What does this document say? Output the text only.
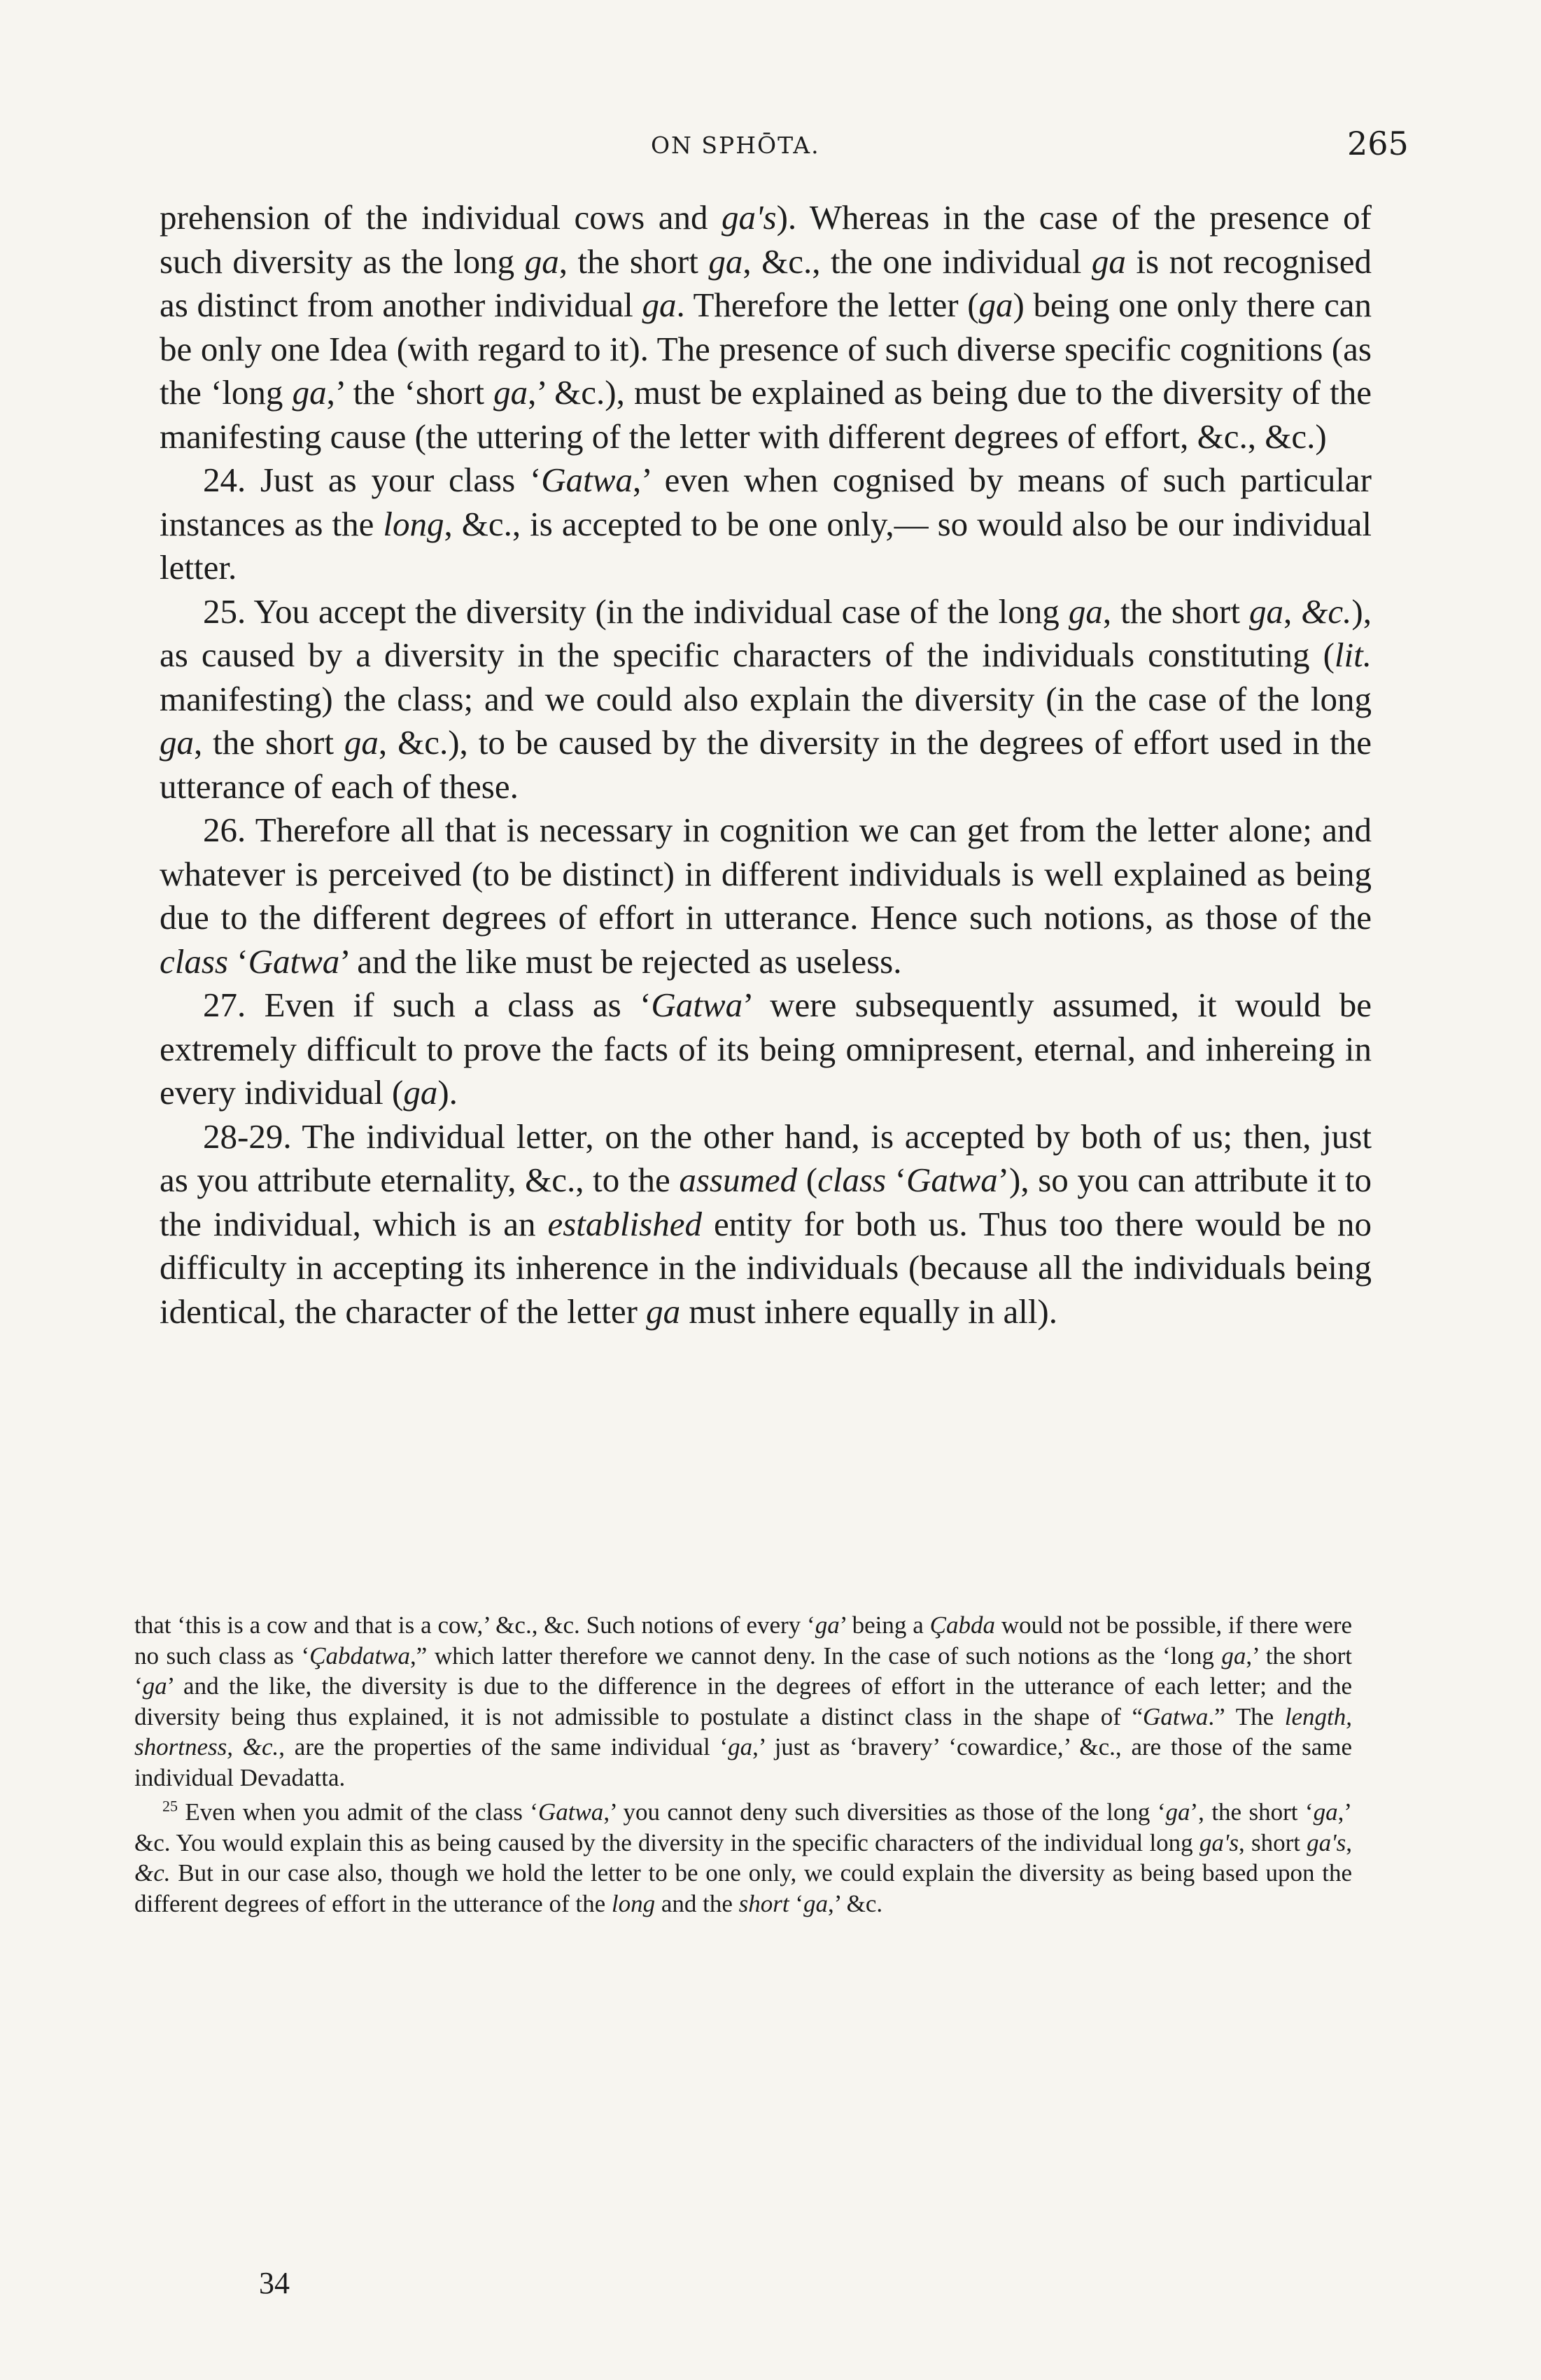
ON SPHŌTA.	265

prehension of the individual cows and ga's). Whereas in the case of the presence of such diversity as the long ga, the short ga, &c., the one individual ga is not recognised as distinct from another individual ga. Therefore the letter (ga) being one only there can be only one Idea (with regard to it). The presence of such diverse specific cognitions (as the ‘long ga,’ the ‘short ga,’ &c.), must be explained as being due to the diversity of the manifesting cause (the uttering of the letter with different degrees of effort, &c., &c.)

24. Just as your class ‘Gatwa,’ even when cognised by means of such particular instances as the long, &c., is accepted to be one only,— so would also be our individual letter.

25. You accept the diversity (in the individual case of the long ga, the short ga, &c.), as caused by a diversity in the specific characters of the individuals constituting (lit. manifesting) the class; and we could also explain the diversity (in the case of the long ga, the short ga, &c.), to be caused by the diversity in the degrees of effort used in the utterance of each of these.

26. Therefore all that is necessary in cognition we can get from the letter alone; and whatever is perceived (to be distinct) in different individuals is well explained as being due to the different degrees of effort in utterance. Hence such notions, as those of the class ‘Gatwa’ and the like must be rejected as useless.

27. Even if such a class as ‘Gatwa’ were subsequently assumed, it would be extremely difficult to prove the facts of its being omnipresent, eternal, and inhereing in every individual (ga).

28-29. The individual letter, on the other hand, is accepted by both of us; then, just as you attribute eternality, &c., to the assumed (class ‘Gatwa’), so you can attribute it to the individual, which is an established entity for both us. Thus too there would be no difficulty in accepting its inherence in the individuals (because all the individuals being identical, the character of the letter ga must inhere equally in all).

that ‘this is a cow and that is a cow,’ &c., &c. Such notions of every ‘ga’ being a Çabda would not be possible, if there were no such class as ‘Çabdatwa,” which latter therefore we cannot deny. In the case of such notions as the ‘long ga,’ the short ‘ga’ and the like, the diversity is due to the difference in the degrees of effort in the utterance of each letter; and the diversity being thus explained, it is not admissible to postulate a distinct class in the shape of “Gatwa.” The length, shortness, &c., are the properties of the same individual ‘ga,’ just as ‘bravery’ ‘cowardice,’ &c., are those of the same individual Devadatta.

$^{25}$ Even when you admit of the class ‘Gatwa,’ you cannot deny such diversities as those of the long ‘ga’, the short ‘ga,’ &c. You would explain this as being caused by the diversity in the specific characters of the individual long ga's, short ga's, &c. But in our case also, though we hold the letter to be one only, we could explain the diversity as being based upon the different degrees of effort in the utterance of the long and the short ‘ga,’ &c.

34
